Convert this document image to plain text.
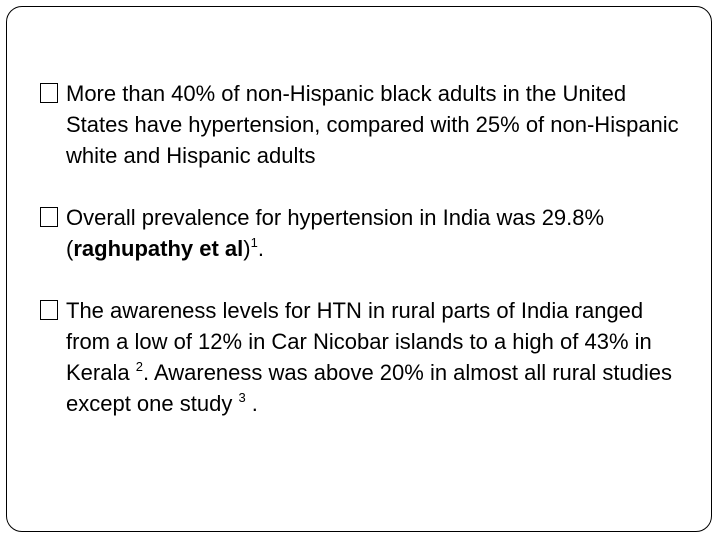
More than 40% of non-Hispanic black adults in the United States have hypertension, compared with 25% of non-Hispanic white and Hispanic adults
Overall prevalence for hypertension in India was 29.8%(raghupathy et al)$^1$.
The awareness levels for HTN in rural parts of India ranged from a low of 12% in Car Nicobar islands to a high of 43% in Kerala $^2$. Awareness was above 20% in almost all rural studies except one study $^3$ .
